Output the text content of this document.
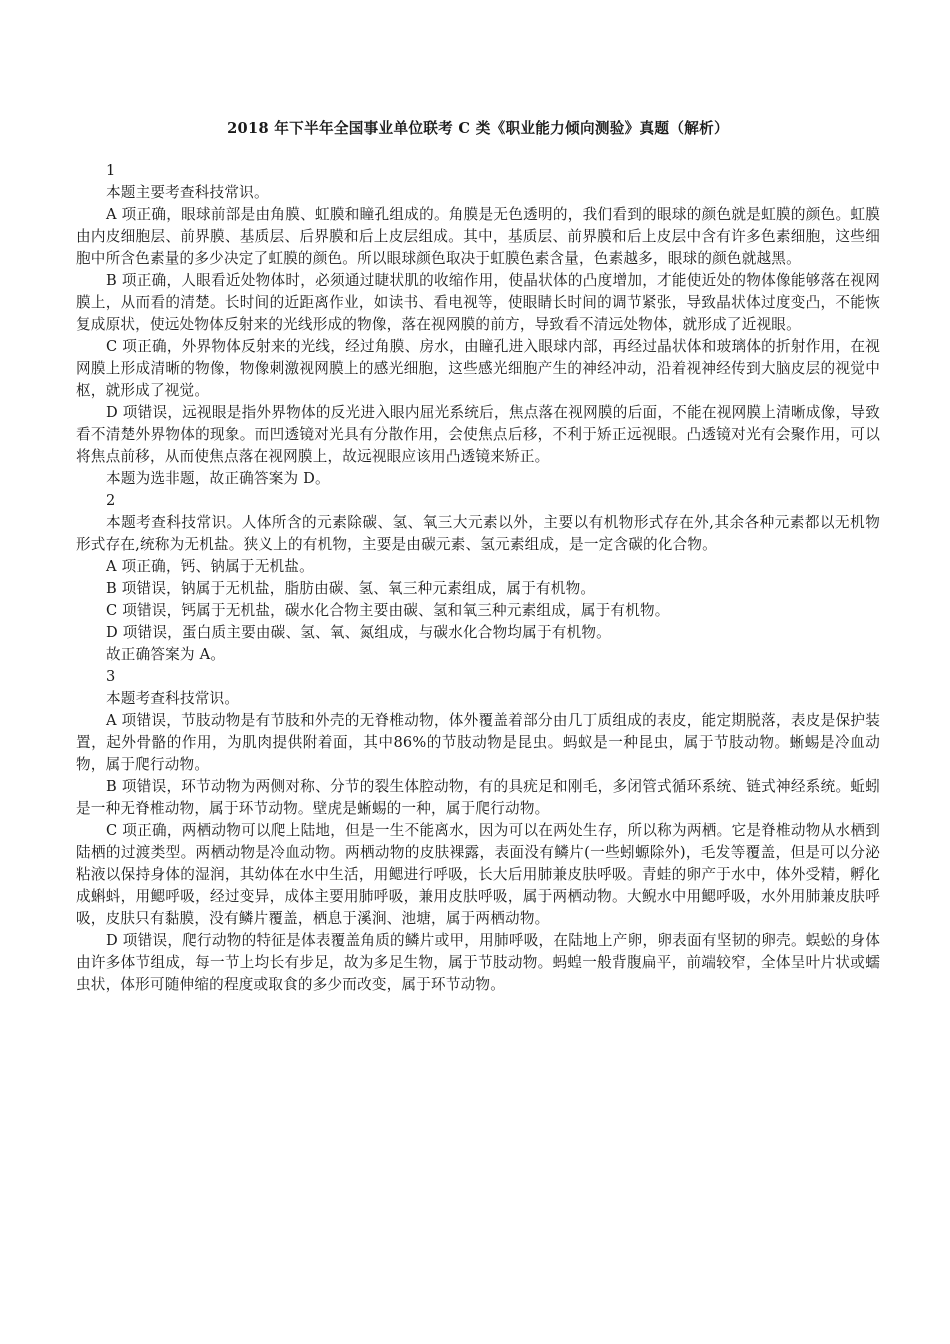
2018 年下半年全国事业单位联考 C 类《职业能力倾向测验》真题（解析）

1

本题主要考查科技常识。

A 项正确，眼球前部是由角膜、虹膜和瞳孔组成的。角膜是无色透明的，我们看到的眼球的颜色就是虹膜的颜色。虹膜由内皮细胞层、前界膜、基质层、后界膜和后上皮层组成。其中，基质层、前界膜和后上皮层中含有许多色素细胞，这些细胞中所含色素量的多少决定了虹膜的颜色。所以眼球颜色取决于虹膜色素含量，色素越多，眼球的颜色就越黑。

B 项正确，人眼看近处物体时，必须通过睫状肌的收缩作用，使晶状体的凸度增加，才能使近处的物体像能够落在视网膜上，从而看的清楚。长时间的近距离作业，如读书、看电视等，使眼睛长时间的调节紧张，导致晶状体过度变凸，不能恢复成原状，使远处物体反射来的光线形成的物像，落在视网膜的前方，导致看不清远处物体，就形成了近视眼。

C 项正确，外界物体反射来的光线，经过角膜、房水，由瞳孔进入眼球内部，再经过晶状体和玻璃体的折射作用，在视网膜上形成清晰的物像，物像刺激视网膜上的感光细胞，这些感光细胞产生的神经冲动，沿着视神经传到大脑皮层的视觉中枢，就形成了视觉。

D 项错误，远视眼是指外界物体的反光进入眼内屈光系统后，焦点落在视网膜的后面，不能在视网膜上清晰成像，导致看不清楚外界物体的现象。而凹透镜对光具有分散作用，会使焦点后移，不利于矫正远视眼。凸透镜对光有会聚作用，可以将焦点前移，从而使焦点落在视网膜上，故远视眼应该用凸透镜来矫正。

本题为选非题，故正确答案为 D。

2

本题考查科技常识。人体所含的元素除碳、氢、氧三大元素以外，主要以有机物形式存在外,其余各种元素都以无机物形式存在,统称为无机盐。狭义上的有机物，主要是由碳元素、氢元素组成，是一定含碳的化合物。

A 项正确，钙、钠属于无机盐。

B 项错误，钠属于无机盐，脂肪由碳、氢、氧三种元素组成，属于有机物。

C 项错误，钙属于无机盐，碳水化合物主要由碳、氢和氧三种元素组成，属于有机物。

D 项错误，蛋白质主要由碳、氢、氧、氮组成，与碳水化合物均属于有机物。

故正确答案为 A。

3

本题考查科技常识。

A 项错误，节肢动物是有节肢和外壳的无脊椎动物，体外覆盖着部分由几丁质组成的表皮，能定期脱落，表皮是保护装置，起外骨骼的作用，为肌肉提供附着面，其中86%的节肢动物是昆虫。蚂蚁是一种昆虫，属于节肢动物。蜥蜴是冷血动物，属于爬行动物。

B 项错误，环节动物为两侧对称、分节的裂生体腔动物，有的具疣足和刚毛，多闭管式循环系统、链式神经系统。蚯蚓是一种无脊椎动物，属于环节动物。壁虎是蜥蜴的一种，属于爬行动物。

C 项正确，两栖动物可以爬上陆地，但是一生不能离水，因为可以在两处生存，所以称为两栖。它是脊椎动物从水栖到陆栖的过渡类型。两栖动物是冷血动物。两栖动物的皮肤裸露，表面没有鳞片(一些蚓螈除外)，毛发等覆盖，但是可以分泌粘液以保持身体的湿润，其幼体在水中生活，用鳃进行呼吸，长大后用肺兼皮肤呼吸。青蛙的卵产于水中，体外受精，孵化成蝌蚪，用鳃呼吸，经过变异，成体主要用肺呼吸，兼用皮肤呼吸，属于两栖动物。大鲵水中用鳃呼吸，水外用肺兼皮肤呼吸，皮肤只有黏膜，没有鳞片覆盖，栖息于溪涧、池塘，属于两栖动物。

D 项错误，爬行动物的特征是体表覆盖角质的鳞片或甲，用肺呼吸，在陆地上产卵，卵表面有坚韧的卵壳。蜈蚣的身体由许多体节组成，每一节上均长有步足，故为多足生物，属于节肢动物。蚂蝗一般背腹扁平，前端较窄，全体呈叶片状或蠕虫状，体形可随伸缩的程度或取食的多少而改变，属于环节动物。
